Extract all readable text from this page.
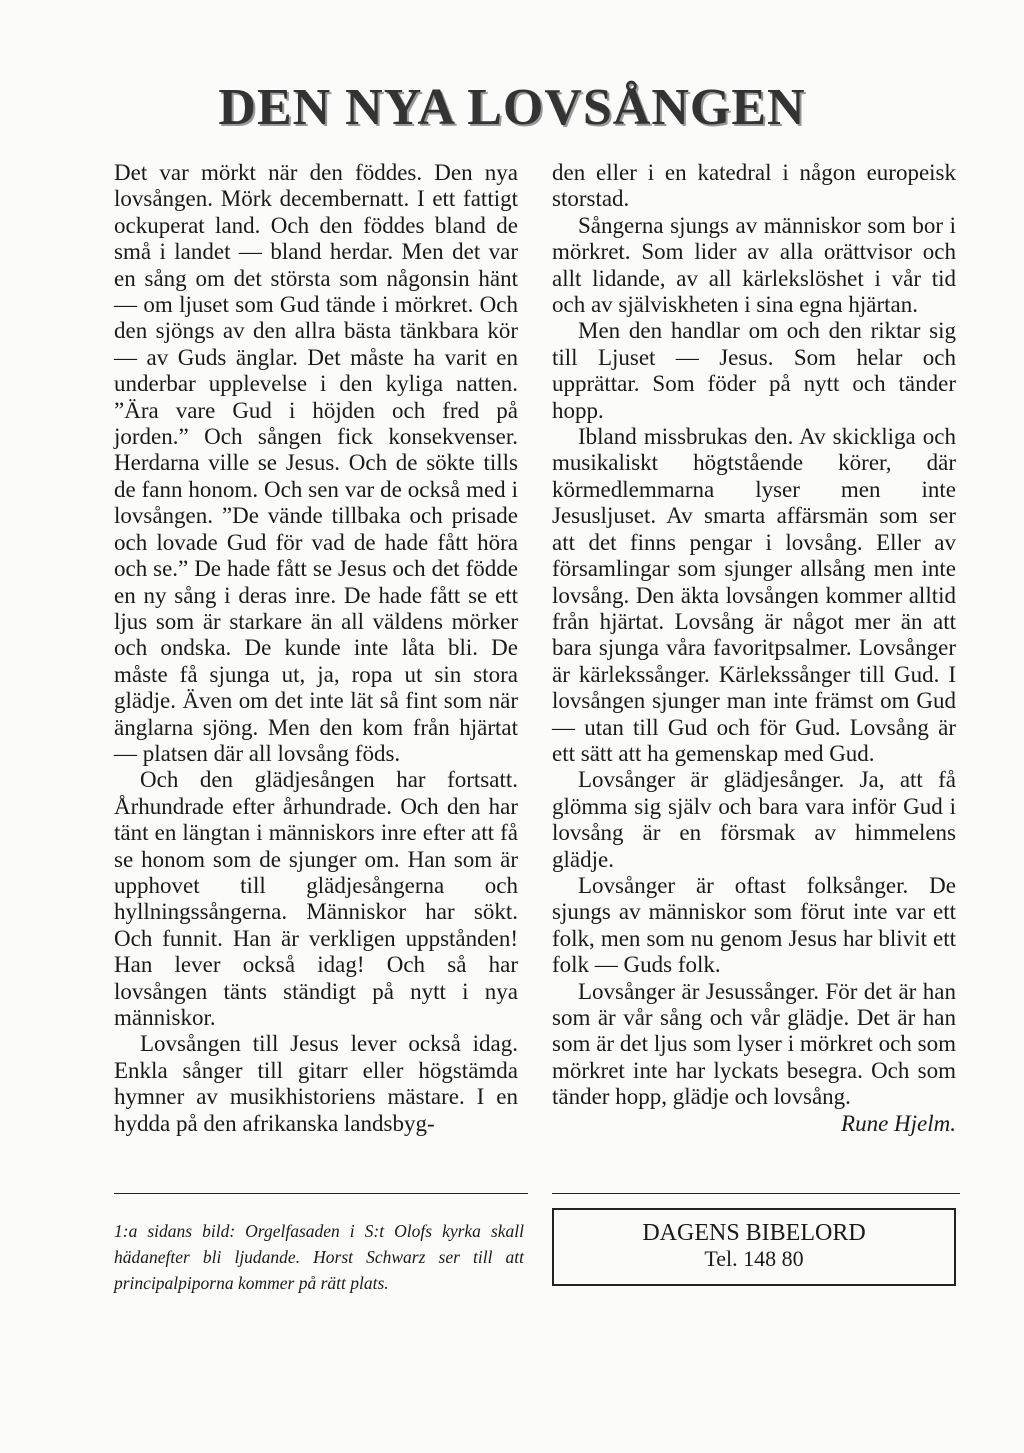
DEN NYA LOVSÅNGEN

Det var mörkt när den föddes. Den nya lovsången. Mörk decembernatt. I ett fattigt ockuperat land. Och den föddes bland de små i landet — bland herdar. Men det var en sång om det största som någonsin hänt — om ljuset som Gud tände i mörkret. Och den sjöngs av den allra bästa tänkbara kör — av Guds änglar. Det måste ha varit en underbar upplevelse i den kyliga natten. ”Ära vare Gud i höjden och fred på jorden.” Och sången fick konsekvenser. Herdarna ville se Jesus. Och de sökte tills de fann honom. Och sen var de också med i lovsången. ”De vände tillbaka och prisade och lovade Gud för vad de hade fått höra och se.” De hade fått se Jesus och det födde en ny sång i deras inre. De hade fått se ett ljus som är starkare än all väldens mörker och ondska. De kunde inte låta bli. De måste få sjunga ut, ja, ropa ut sin stora glädje. Även om det inte lät så fint som när änglarna sjöng. Men den kom från hjärtat — platsen där all lovsång föds.

Och den glädjesången har fortsatt. Århundrade efter århundrade. Och den har tänt en längtan i människors inre efter att få se honom som de sjunger om. Han som är upphovet till glädjesångerna och hyllningssångerna. Människor har sökt. Och funnit. Han är verkligen uppstånden! Han lever också idag! Och så har lovsången tänts ständigt på nytt i nya människor.

Lovsången till Jesus lever också idag. Enkla sånger till gitarr eller högstämda hymner av musikhistoriens mästare. I en hydda på den afrikanska landsbyg-

den eller i en katedral i någon europeisk storstad.

Sångerna sjungs av människor som bor i mörkret. Som lider av alla orättvisor och allt lidande, av all kärlekslöshet i vår tid och av själviskheten i sina egna hjärtan.

Men den handlar om och den riktar sig till Ljuset — Jesus. Som helar och upprättar. Som föder på nytt och tänder hopp.

Ibland missbrukas den. Av skickliga och musikaliskt högtstående körer, där körmedlemmarna lyser men inte Jesusljuset. Av smarta affärsmän som ser att det finns pengar i lovsång. Eller av församlingar som sjunger allsång men inte lovsång. Den äkta lovsången kommer alltid från hjärtat. Lovsång är något mer än att bara sjunga våra favoritpsalmer. Lovsånger är kärlekssånger. Kärlekssånger till Gud. I lovsången sjunger man inte främst om Gud — utan till Gud och för Gud. Lovsång är ett sätt att ha gemenskap med Gud.

Lovsånger är glädjesånger. Ja, att få glömma sig själv och bara vara inför Gud i lovsång är en försmak av himmelens glädje.

Lovsånger är oftast folksånger. De sjungs av människor som förut inte var ett folk, men som nu genom Jesus har blivit ett folk — Guds folk.

Lovsånger är Jesussånger. För det är han som är vår sång och vår glädje. Det är han som är det ljus som lyser i mörkret och som mörkret inte har lyckats besegra. Och som tänder hopp, glädje och lovsång.

Rune Hjelm.
1:a sidans bild: Orgelfasaden i S:t Olofs kyrka skall hädanefter bli ljudande. Horst Schwarz ser till att principalpiporna kommer på rätt plats.
DAGENS BIBELORD
Tel. 148 80
